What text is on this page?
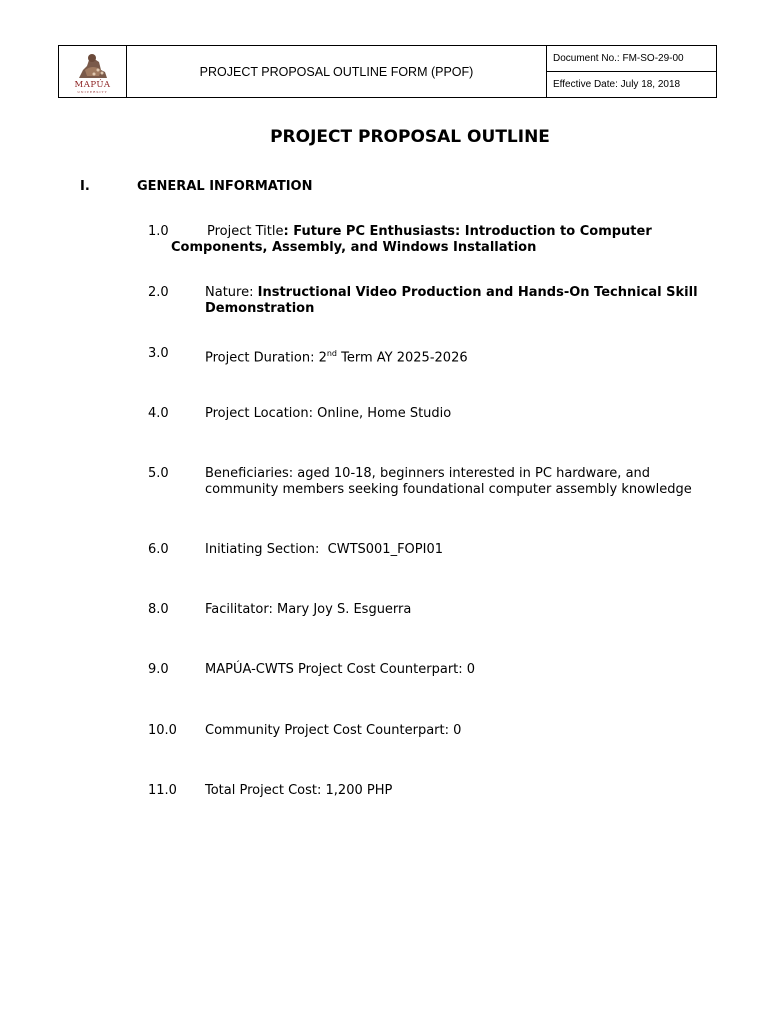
MAPÚA
UNIVERSITY
PROJECT PROPOSAL OUTLINE FORM (PPOF)
Document No.: FM-SO-29-00
Effective Date: July 18, 2018
PROJECT PROPOSAL OUTLINE
I.	GENERAL INFORMATION
1.0	Project Title: Future PC Enthusiasts: Introduction to Computer
Components, Assembly, and Windows Installation
2.0	Nature: Instructional Video Production and Hands-On Technical Skill Demonstration
3.0	Project Duration: 2nd Term AY 2025-2026
4.0	Project Location: Online, Home Studio
5.0	Beneficiaries: aged 10-18, beginners interested in PC hardware, and community members seeking foundational computer assembly knowledge
6.0	Initiating Section:  CWTS001_FOPI01
8.0	Facilitator: Mary Joy S. Esguerra
9.0	MAPÚA-CWTS Project Cost Counterpart: 0
10.0 Community Project Cost Counterpart: 0
11.0 Total Project Cost: 1,200 PHP
